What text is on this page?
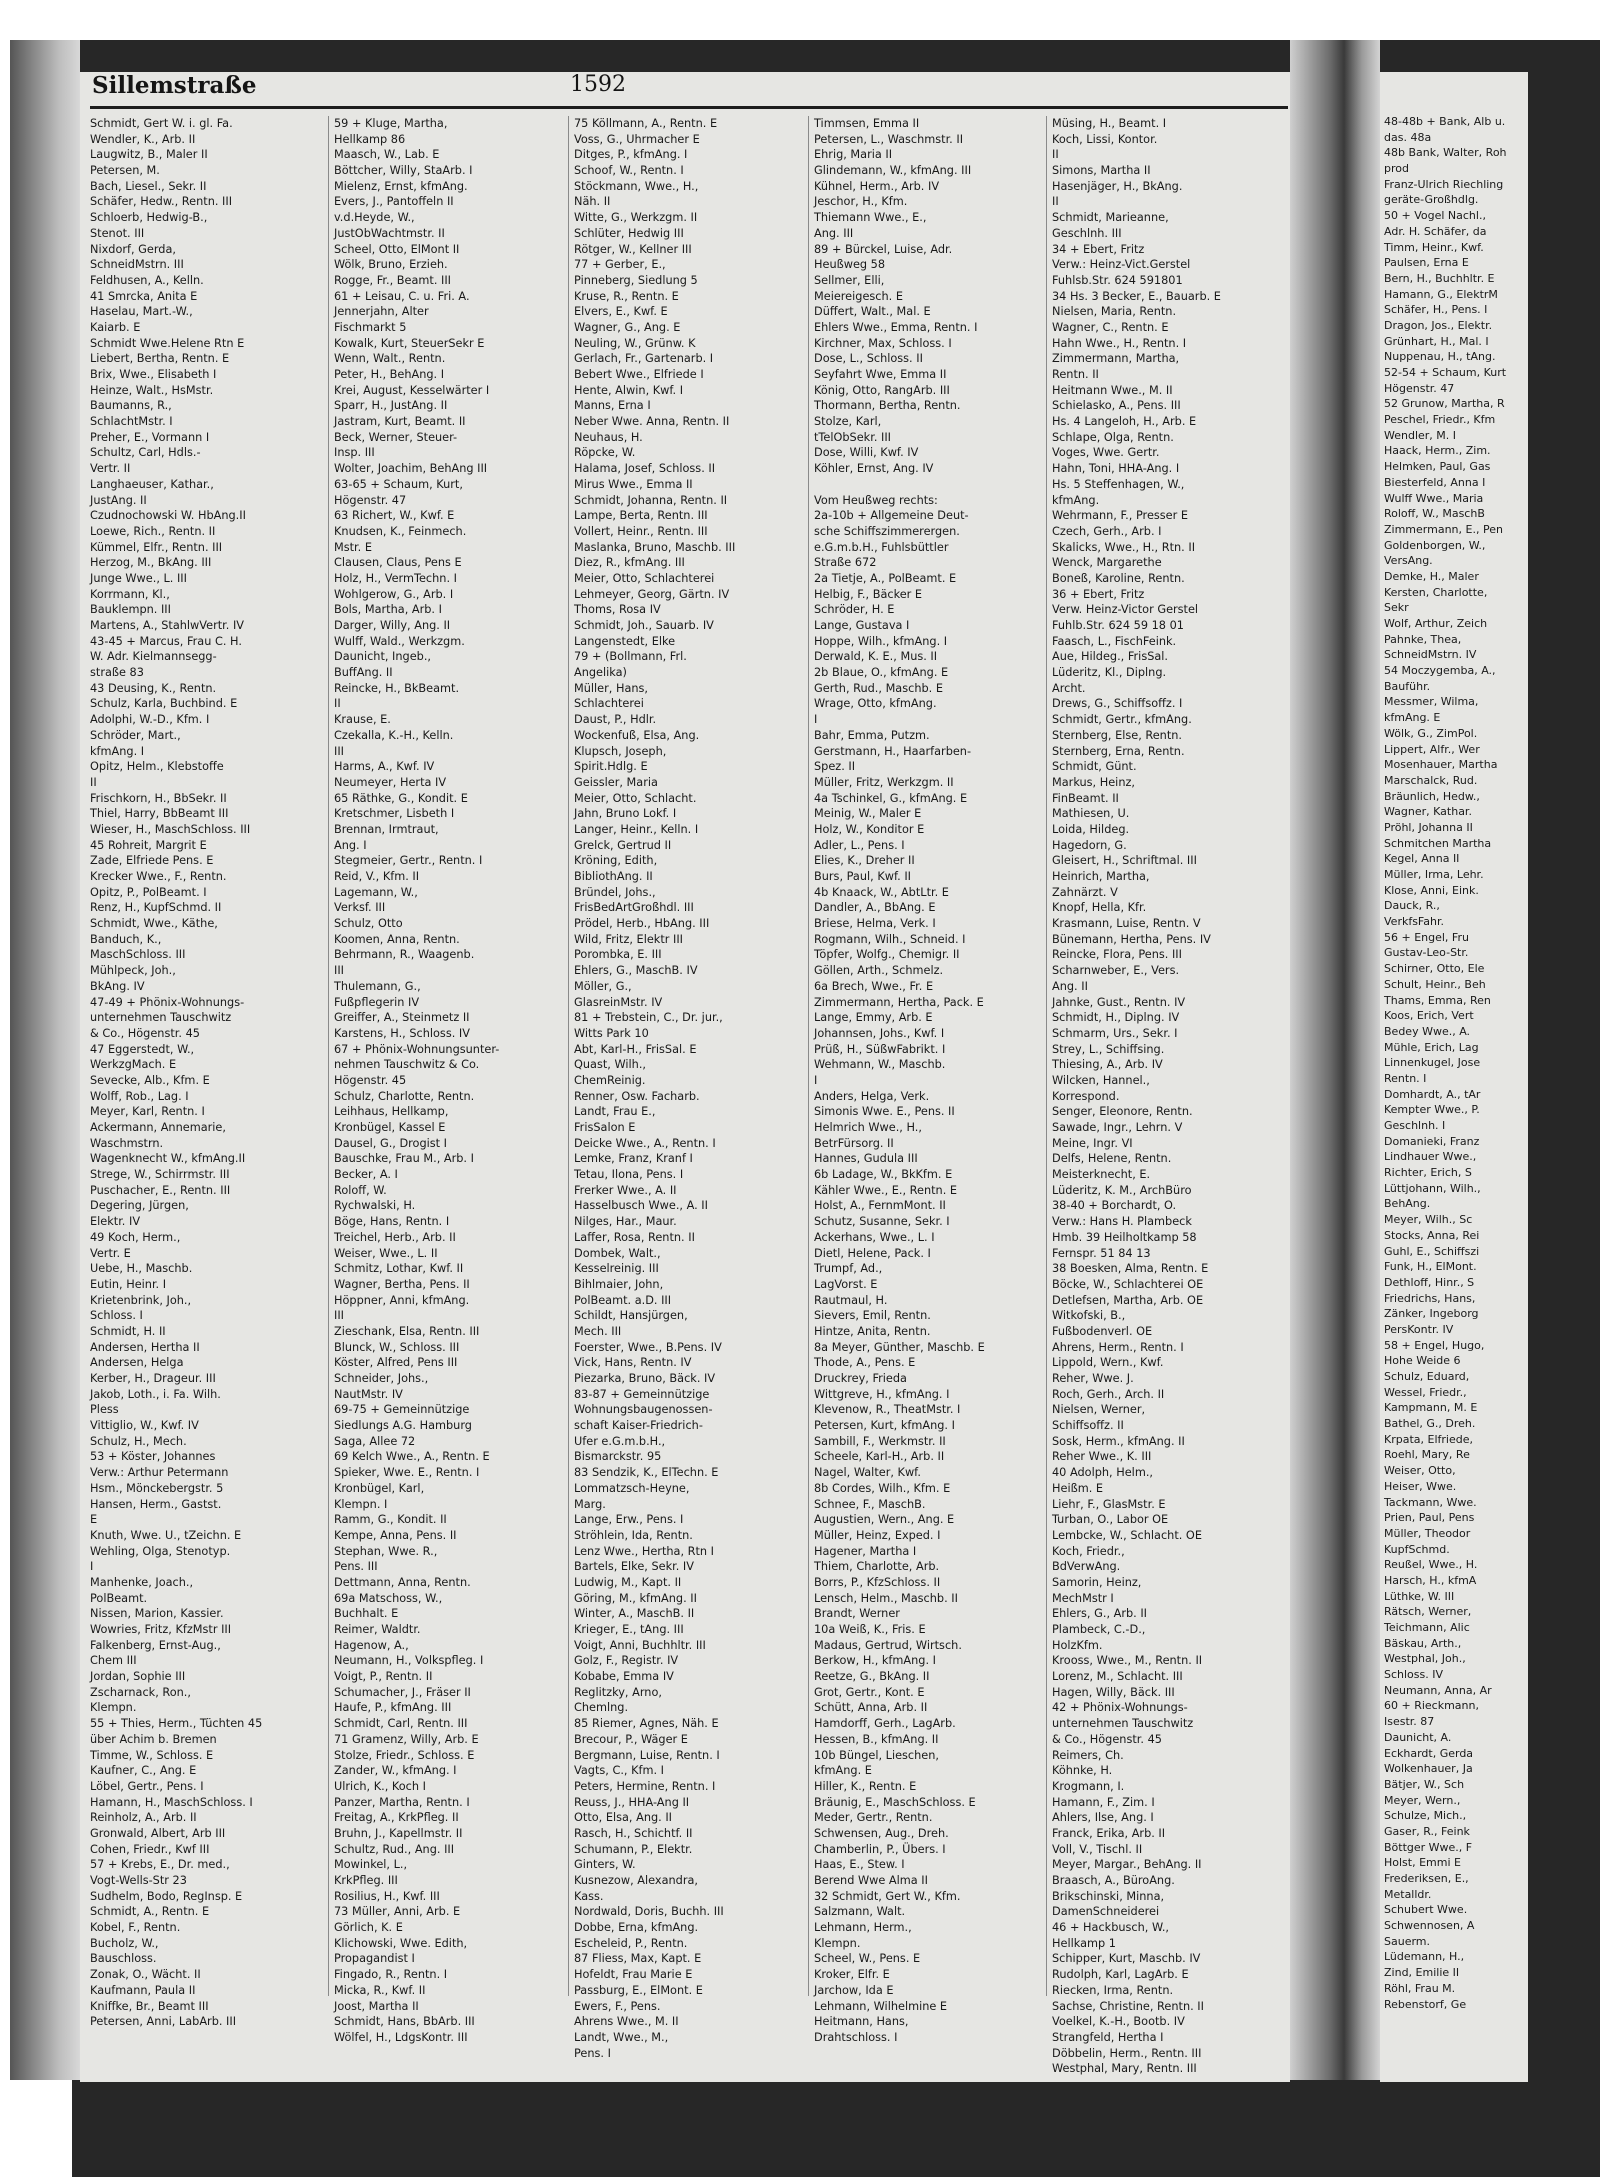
Sillemstraße	1592
Schmidt, Gert W. i. gl. Fa.
Wendler, K., Arb. II
Laugwitz, B., Maler II
Petersen, M.
Bach, Liesel., Sekr. II
Schäfer, Hedw., Rentn. III
Schloerb, Hedwig-B.,
Stenot. III
Nixdorf, Gerda,
SchneidMstrn. III
Feldhusen, A., Kelln.
41 Smrcka, Anita E
Haselau, Mart.-W.,
Kaiarb. E
Schmidt Wwe.Helene Rtn E
Liebert, Bertha, Rentn. E
Brix, Wwe., Elisabeth I
Heinze, Walt., HsMstr.
Baumanns, R.,
SchlachtMstr. I
Preher, E., Vormann I
Schultz, Carl, Hdls.-
Vertr. II
Langhaeuser, Kathar.,
JustAng. II
Czudnochowski W. HbAng.II
Loewe, Rich., Rentn. II
Kümmel, Elfr., Rentn. III
Herzog, M., BkAng. III
Junge Wwe., L. III
Korrmann, Kl.,
Bauklempn. III
Martens, A., StahlwVertr. IV
43-45 + Marcus, Frau C. H.
W. Adr. Kielmannsegg-
straße 83
43 Deusing, K., Rentn.
Schulz, Karla, Buchbind. E
Adolphi, W.-D., Kfm. I
Schröder, Mart.,
kfmAng. I
Opitz, Helm., Klebstoffe
II
Frischkorn, H., BbSekr. II
Thiel, Harry, BbBeamt III
Wieser, H., MaschSchloss. III
45 Rohreit, Margrit E
Zade, Elfriede Pens. E
Krecker Wwe., F., Rentn.
Opitz, P., PolBeamt. I
Renz, H., KupfSchmd. II
Schmidt, Wwe., Käthe,
Banduch, K.,
MaschSchloss. III
Mühlpeck, Joh.,
BkAng. IV
47-49 + Phönix-Wohnungs-
unternehmen Tauschwitz
& Co., Högenstr. 45
47 Eggerstedt, W.,
WerkzgMach. E
Sevecke, Alb., Kfm. E
Wolff, Rob., Lag. I
Meyer, Karl, Rentn. I
Ackermann, Annemarie,
Waschmstrn.
Wagenknecht W., kfmAng.II
Strege, W., Schirrmstr. III
Puschacher, E., Rentn. III
Degering, Jürgen,
Elektr. IV
49 Koch, Herm.,
Vertr. E
Uebe, H., Maschb.
Eutin, Heinr. I
Krietenbrink, Joh.,
Schloss. I
Schmidt, H. II
Andersen, Hertha II
Andersen, Helga
Kerber, H., Drageur. III
Jakob, Loth., i. Fa. Wilh.
Pless
Vittiglio, W., Kwf. IV
Schulz, H., Mech.
53 + Köster, Johannes
Verw.: Arthur Petermann
Hsm., Mönckebergstr. 5
Hansen, Herm., Gastst.
E
Knuth, Wwe. U., tZeichn. E
Wehling, Olga, Stenotyp.
I
Manhenke, Joach.,
PolBeamt.
Nissen, Marion, Kassier.
Wowries, Fritz, KfzMstr III
Falkenberg, Ernst-Aug.,
Chem III
Jordan, Sophie III
Zscharnack, Ron.,
Klempn.
55 + Thies, Herm., Tüchten 45
über Achim b. Bremen
Timme, W., Schloss. E
Kaufner, C., Ang. E
Löbel, Gertr., Pens. I
Hamann, H., MaschSchloss. I
Reinholz, A., Arb. II
Gronwald, Albert, Arb III
Cohen, Friedr., Kwf III
57 + Krebs, E., Dr. med.,
Vogt-Wells-Str 23
Sudhelm, Bodo, RegInsp. E
Schmidt, A., Rentn. E
Kobel, F., Rentn.
Bucholz, W.,
Bauschloss.
Zonak, O., Wächt. II
Kaufmann, Paula II
Kniffke, Br., Beamt III
Petersen, Anni, LabArb. III
59 + Kluge, Martha,
Hellkamp 86
Maasch, W., Lab. E
Böttcher, Willy, StaArb. I
Mielenz, Ernst, kfmAng.
Evers, J., Pantoffeln II
v.d.Heyde, W.,
JustObWachtmstr. II
Scheel, Otto, ElMont II
Wölk, Bruno, Erzieh.
Rogge, Fr., Beamt. III
61 + Leisau, C. u. Fri. A.
Jennerjahn, Alter
Fischmarkt 5
Kowalk, Kurt, SteuerSekr E
Wenn, Walt., Rentn.
Peter, H., BehAng. I
Krei, August, Kesselwärter I
Sparr, H., JustAng. II
Jastram, Kurt, Beamt. II
Beck, Werner, Steuer-
Insp. III
Wolter, Joachim, BehAng III
63-65 + Schaum, Kurt,
Högenstr. 47
63 Richert, W., Kwf. E
Knudsen, K., Feinmech.
Mstr. E
Clausen, Claus, Pens E
Holz, H., VermTechn. I
Wohlgerow, G., Arb. I
Bols, Martha, Arb. I
Darger, Willy, Ang. II
Wulff, Wald., Werkzgm.
Daunicht, Ingeb.,
BuffAng. II
Reincke, H., BkBeamt.
II
Krause, E.
Czekalla, K.-H., Kelln.
III
Harms, A., Kwf. IV
Neumeyer, Herta IV
65 Räthke, G., Kondit. E
Kretschmer, Lisbeth I
Brennan, Irmtraut,
Ang. I
Stegmeier, Gertr., Rentn. I
Reid, V., Kfm. II
Lagemann, W.,
Verksf. III
Schulz, Otto
Koomen, Anna, Rentn.
Behrmann, R., Waagenb.
III
Thulemann, G.,
Fußpflegerin IV
Greiffer, A., Steinmetz II
Karstens, H., Schloss. IV
67 + Phönix-Wohnungsunter-
nehmen Tauschwitz & Co.
Högenstr. 45
Schulz, Charlotte, Rentn.
Leihhaus, Hellkamp,
Kronbügel, Kassel E
Dausel, G., Drogist I
Bauschke, Frau M., Arb. I
Becker, A. I
Roloff, W.
Rychwalski, H.
Böge, Hans, Rentn. I
Treichel, Herb., Arb. II
Weiser, Wwe., L. II
Schmitz, Lothar, Kwf. II
Wagner, Bertha, Pens. II
Höppner, Anni, kfmAng.
III
Zieschank, Elsa, Rentn. III
Blunck, W., Schloss. III
Köster, Alfred, Pens III
Schneider, Johs.,
NautMstr. IV
69-75 + Gemeinnützige
Siedlungs A.G. Hamburg
Saga, Allee 72
69 Kelch Wwe., A., Rentn. E
Spieker, Wwe. E., Rentn. I
Kronbügel, Karl,
Klempn. I
Ramm, G., Kondit. II
Kempe, Anna, Pens. II
Stephan, Wwe. R.,
Pens. III
Dettmann, Anna, Rentn.
69a Matschoss, W.,
Buchhalt. E
Reimer, Waldtr.
Hagenow, A.,
Neumann, H., Volkspfleg. I
Voigt, P., Rentn. II
Schumacher, J., Fräser II
Haufe, P., kfmAng. III
Schmidt, Carl, Rentn. III
71 Gramenz, Willy, Arb. E
Stolze, Friedr., Schloss. E
Zander, W., kfmAng. I
Ulrich, K., Koch I
Panzer, Martha, Rentn. I
Freitag, A., KrkPfleg. II
Bruhn, J., Kapellmstr. II
Schultz, Rud., Ang. III
Mowinkel, L.,
KrkPfleg. III
Rosilius, H., Kwf. III
73 Müller, Anni, Arb. E
Görlich, K. E
Klichowski, Wwe. Edith,
Propagandist I
Fingado, R., Rentn. I
Micka, R., Kwf. II
Joost, Martha II
Schmidt, Hans, BbArb. III
Wölfel, H., LdgsKontr. III
75 Köllmann, A., Rentn. E
Voss, G., Uhrmacher E
Ditges, P., kfmAng. I
Schoof, W., Rentn. I
Stöckmann, Wwe., H.,
Näh. II
Witte, G., Werkzgm. II
Schlüter, Hedwig III
Rötger, W., Kellner III
77 + Gerber, E.,
Pinneberg, Siedlung 5
Kruse, R., Rentn. E
Elvers, E., Kwf. E
Wagner, G., Ang. E
Neuling, W., Grünw. K
Gerlach, Fr., Gartenarb. I
Bebert Wwe., Elfriede I
Hente, Alwin, Kwf. I
Manns, Erna I
Neber Wwe. Anna, Rentn. II
Neuhaus, H.
Röpcke, W.
Halama, Josef, Schloss. II
Mirus Wwe., Emma II
Schmidt, Johanna, Rentn. II
Lampe, Berta, Rentn. III
Vollert, Heinr., Rentn. III
Maslanka, Bruno, Maschb. III
Diez, R., kfmAng. III
Meier, Otto, Schlachterei
Lehmeyer, Georg, Gärtn. IV
Thoms, Rosa IV
Schmidt, Joh., Sauarb. IV
Langenstedt, Elke
79 + (Bollmann, Frl.
Angelika)
Müller, Hans,
Schlachterei
Daust, P., Hdlr.
Wockenfuß, Elsa, Ang.
Klupsch, Joseph,
Spirit.Hdlg. E
Geissler, Maria
Meier, Otto, Schlacht.
Jahn, Bruno Lokf. I
Langer, Heinr., Kelln. I
Grelck, Gertrud II
Kröning, Edith,
BibliothAng. II
Bründel, Johs.,
FrisBedArtGroßhdl. III
Prödel, Herb., HbAng. III
Wild, Fritz, Elektr III
Porombka, E. III
Ehlers, G., MaschB. IV
Möller, G.,
GlasreinMstr. IV
81 + Trebstein, C., Dr. jur.,
Witts Park 10
Abt, Karl-H., FrisSal. E
Quast, Wilh.,
ChemReinig.
Renner, Osw. Facharb.
Landt, Frau E.,
FrisSalon E
Deicke Wwe., A., Rentn. I
Lemke, Franz, Kranf I
Tetau, Ilona, Pens. I
Frerker Wwe., A. II
Hasselbusch Wwe., A. II
Nilges, Har., Maur.
Laffer, Rosa, Rentn. II
Dombek, Walt.,
Kesselreinig. III
Bihlmaier, John,
PolBeamt. a.D. III
Schildt, Hansjürgen,
Mech. III
Foerster, Wwe., B.Pens. IV
Vick, Hans, Rentn. IV
Piezarka, Bruno, Bäck. IV
83-87 + Gemeinnützige
Wohnungsbaugenossen-
schaft Kaiser-Friedrich-
Ufer e.G.m.b.H.,
Bismarckstr. 95
83 Sendzik, K., ElTechn. E
Lommatzsch-Heyne,
Marg.
Lange, Erw., Pens. I
Ströhlein, Ida, Rentn.
Lenz Wwe., Hertha, Rtn I
Bartels, Elke, Sekr. IV
Ludwig, M., Kapt. II
Göring, M., kfmAng. II
Winter, A., MaschB. II
Krieger, E., tAng. III
Voigt, Anni, Buchhltr. III
Golz, F., Registr. IV
Kobabe, Emma IV
Reglitzky, Arno,
Chemlng.
85 Riemer, Agnes, Näh. E
Brecour, P., Wäger E
Bergmann, Luise, Rentn. I
Vagts, C., Kfm. I
Peters, Hermine, Rentn. I
Reuss, J., HHA-Ang II
Otto, Elsa, Ang. II
Rasch, H., Schichtf. II
Schumann, P., Elektr.
Ginters, W.
Kusnezow, Alexandra,
Kass.
Nordwald, Doris, Buchh. III
Dobbe, Erna, kfmAng.
Escheleid, P., Rentn.
87 Fliess, Max, Kapt. E
Hofeldt, Frau Marie E
Passburg, E., ElMont. E
Ewers, F., Pens.
Ahrens Wwe., M. II
Landt, Wwe., M.,
Pens. I
Timmsen, Emma II
Petersen, L., Waschmstr. II
Ehrig, Maria II
Glindemann, W., kfmAng. III
Kühnel, Herm., Arb. IV
Jeschor, H., Kfm.
Thiemann Wwe., E.,
Ang. III
89 + Bürckel, Luise, Adr.
Heußweg 58
Sellmer, Elli,
Meiereigesch. E
Düffert, Walt., Mal. E
Ehlers Wwe., Emma, Rentn. I
Kirchner, Max, Schloss. I
Dose, L., Schloss. II
Seyfahrt Wwe, Emma II
König, Otto, RangArb. III
Thormann, Bertha, Rentn.
Stolze, Karl,
tTelObSekr. III
Dose, Willi, Kwf. IV
Köhler, Ernst, Ang. IV
Vom Heußweg rechts:
2a-10b + Allgemeine Deut-
sche Schiffszimmerergen.
e.G.m.b.H., Fuhlsbüttler
Straße 672
2a Tietje, A., PolBeamt. E
Helbig, F., Bäcker E
Schröder, H. E
Lange, Gustava I
Hoppe, Wilh., kfmAng. I
Derwald, K. E., Mus. II
2b Blaue, O., kfmAng. E
Gerth, Rud., Maschb. E
Wrage, Otto, kfmAng.
I
Bahr, Emma, Putzm.
Gerstmann, H., Haarfarben-
Spez. II
Müller, Fritz, Werkzgm. II
4a Tschinkel, G., kfmAng. E
Meinig, W., Maler E
Holz, W., Konditor E
Adler, L., Pens. I
Elies, K., Dreher II
Burs, Paul, Kwf. II
4b Knaack, W., AbtLtr. E
Dandler, A., BbAng. E
Briese, Helma, Verk. I
Rogmann, Wilh., Schneid. I
Töpfer, Wolfg., Chemigr. II
Göllen, Arth., Schmelz.
6a Brech, Wwe., Fr. E
Zimmermann, Hertha, Pack. E
Lange, Emmy, Arb. E
Johannsen, Johs., Kwf. I
Prüß, H., SüßwFabrikt. I
Wehmann, W., Maschb.
I
Anders, Helga, Verk.
Simonis Wwe. E., Pens. II
Helmrich Wwe., H.,
BetrFürsorg. II
Hannes, Gudula III
6b Ladage, W., BkKfm. E
Kähler Wwe., E., Rentn. E
Holst, A., FernmMont. II
Schutz, Susanne, Sekr. I
Ackerhans, Wwe., L. I
Dietl, Helene, Pack. I
Trumpf, Ad.,
LagVorst. E
Rautmaul, H.
Sievers, Emil, Rentn.
Hintze, Anita, Rentn.
8a Meyer, Günther, Maschb. E
Thode, A., Pens. E
Druckrey, Frieda
Wittgreve, H., kfmAng. I
Klevenow, R., TheatMstr. I
Petersen, Kurt, kfmAng. I
Sambill, F., Werkmstr. II
Scheele, Karl-H., Arb. II
Nagel, Walter, Kwf.
8b Cordes, Wilh., Kfm. E
Schnee, F., MaschB.
Augustien, Wern., Ang. E
Müller, Heinz, Exped. I
Hagener, Martha I
Thiem, Charlotte, Arb.
Borrs, P., KfzSchloss. II
Lensch, Helm., Maschb. II
Brandt, Werner
10a Weiß, K., Fris. E
Madaus, Gertrud, Wirtsch.
Berkow, H., kfmAng. I
Reetze, G., BkAng. II
Grot, Gertr., Kont. E
Schütt, Anna, Arb. II
Hamdorff, Gerh., LagArb.
Hessen, B., kfmAng. II
10b Büngel, Lieschen,
kfmAng. E
Hiller, K., Rentn. E
Bräunig, E., MaschSchloss. E
Meder, Gertr., Rentn.
Schwensen, Aug., Dreh.
Chamberlin, P., Übers. I
Haas, E., Stew. I
Berend Wwe Alma II
32 Schmidt, Gert W., Kfm.
Salzmann, Walt.
Lehmann, Herm.,
Klempn.
Scheel, W., Pens. E
Kroker, Elfr. E
Jarchow, Ida E
Lehmann, Wilhelmine E
Heitmann, Hans,
Drahtschloss. I
Müsing, H., Beamt. I
Koch, Lissi, Kontor.
II
Simons, Martha II
Hasenjäger, H., BkAng.
II
Schmidt, Marieanne,
Geschlnh. III
34 + Ebert, Fritz
Verw.: Heinz-Vict.Gerstel
Fuhlsb.Str. 624 591801
34 Hs. 3 Becker, E., Bauarb. E
Nielsen, Maria, Rentn.
Wagner, C., Rentn. E
Hahn Wwe., H., Rentn. I
Zimmermann, Martha,
Rentn. II
Heitmann Wwe., M. II
Schielasko, A., Pens. III
Hs. 4 Langeloh, H., Arb. E
Schlape, Olga, Rentn.
Voges, Wwe. Gertr.
Hahn, Toni, HHA-Ang. I
Hs. 5 Steffenhagen, W.,
kfmAng.
Wehrmann, F., Presser E
Czech, Gerh., Arb. I
Skalicks, Wwe., H., Rtn. II
Wenck, Margarethe
Boneß, Karoline, Rentn.
36 + Ebert, Fritz
Verw. Heinz-Victor Gerstel
Fuhlb.Str. 624 59 18 01
Faasch, L., FischFeink.
Aue, Hildeg., FrisSal.
Lüderitz, Kl., Diplng.
Archt.
Drews, G., Schiffsoffz. I
Schmidt, Gertr., kfmAng.
Sternberg, Else, Rentn.
Sternberg, Erna, Rentn.
Schmidt, Günt.
Markus, Heinz,
FinBeamt. II
Mathiesen, U.
Loida, Hildeg.
Hagedorn, G.
Gleisert, H., Schriftmal. III
Heinrich, Martha,
Zahnärzt. V
Knopf, Hella, Kfr.
Krasmann, Luise, Rentn. V
Bünemann, Hertha, Pens. IV
Reincke, Flora, Pens. III
Scharnweber, E., Vers.
Ang. II
Jahnke, Gust., Rentn. IV
Schmidt, H., Diplng. IV
Schmarm, Urs., Sekr. I
Strey, L., Schiffsing.
Thiesing, A., Arb. IV
Wilcken, Hannel.,
Korrespond.
Senger, Eleonore, Rentn.
Sawade, Ingr., Lehrn. V
Meine, Ingr. VI
Delfs, Helene, Rentn.
Meisterknecht, E.
Lüderitz, K. M., ArchBüro
38-40 + Borchardt, O.
Verw.: Hans H. Plambeck
Hmb. 39 Heilholtkamp 58
Fernspr. 51 84 13
38 Boesken, Alma, Rentn. E
Böcke, W., Schlachterei OE
Detlefsen, Martha, Arb. OE
Witkofski, B.,
Fußbodenverl. OE
Ahrens, Herm., Rentn. I
Lippold, Wern., Kwf.
Reher, Wwe. J.
Roch, Gerh., Arch. II
Nielsen, Werner,
Schiffsoffz. II
Sosk, Herm., kfmAng. II
Reher Wwe., K. III
40 Adolph, Helm.,
Heißm. E
Liehr, F., GlasMstr. E
Turban, O., Labor OE
Lembcke, W., Schlacht. OE
Koch, Friedr.,
BdVerwAng.
Samorin, Heinz,
MechMstr I
Ehlers, G., Arb. II
Plambeck, C.-D.,
HolzKfm.
Krooss, Wwe., M., Rentn. II
Lorenz, M., Schlacht. III
Hagen, Willy, Bäck. III
42 + Phönix-Wohnungs-
unternehmen Tauschwitz
& Co., Högenstr. 45
Reimers, Ch.
Köhnke, H.
Krogmann, I.
Hamann, F., Zim. I
Ahlers, Ilse, Ang. I
Franck, Erika, Arb. II
Voll, V., Tischl. II
Meyer, Margar., BehAng. II
Braasch, A., BüroAng.
Brikschinski, Minna,
DamenSchneiderei
46 + Hackbusch, W.,
Hellkamp 1
Schipper, Kurt, Maschb. IV
Rudolph, Karl, LagArb. E
Riecken, Irma, Rentn.
Sachse, Christine, Rentn. II
Voelkel, K.-H., Bootb. IV
Strangfeld, Hertha I
Döbbelin, Herm., Rentn. III
Westphal, Mary, Rentn. III
48-48b + Bank, Alb u.
das. 48a
48b Bank, Walter, Roh
prod
Franz-Ulrich Riechling
geräte-Großhdlg.
50 + Vogel Nachl.,
Adr. H. Schäfer, da
Timm, Heinr., Kwf.
Paulsen, Erna E
Bern, H., Buchhltr. E
Hamann, G., ElektrM
Schäfer, H., Pens. I
Dragon, Jos., Elektr.
Grünhart, H., Mal. I
Nuppenau, H., tAng.
52-54 + Schaum, Kurt
Högenstr. 47
52 Grunow, Martha, R
Peschel, Friedr., Kfm
Wendler, M. I
Haack, Herm., Zim.
Helmken, Paul, Gas
Biesterfeld, Anna I
Wulff Wwe., Maria
Roloff, W., MaschB
Zimmermann, E., Pen
Goldenborgen, W.,
VersAng.
Demke, H., Maler
Kersten, Charlotte,
Sekr
Wolf, Arthur, Zeich
Pahnke, Thea,
SchneidMstrn. IV
54 Moczygemba, A.,
Bauführ.
Messmer, Wilma,
kfmAng. E
Wölk, G., ZimPol.
Lippert, Alfr., Wer
Mosenhauer, Martha
Marschalck, Rud.
Bräunlich, Hedw.,
Wagner, Kathar.
Pröhl, Johanna II
Schmitchen Martha
Kegel, Anna II
Müller, Irma, Lehr.
Klose, Anni, Eink.
Dauck, R.,
VerkfsFahr.
56 + Engel, Fru
Gustav-Leo-Str.
Schirner, Otto, Ele
Schult, Heinr., Beh
Thams, Emma, Ren
Koos, Erich, Vert
Bedey Wwe., A.
Mühle, Erich, Lag
Linnenkugel, Jose
Rentn. I
Domhardt, A., tAr
Kempter Wwe., P.
Geschlnh. I
Domanieki, Franz
Lindhauer Wwe.,
Richter, Erich, S
Lüttjohann, Wilh.,
BehAng.
Meyer, Wilh., Sc
Stocks, Anna, Rei
Guhl, E., Schiffszi
Funk, H., ElMont.
Dethloff, Hinr., S
Friedrichs, Hans,
Zänker, Ingeborg
PersKontr. IV
58 + Engel, Hugo,
Hohe Weide 6
Schulz, Eduard,
Wessel, Friedr.,
Kampmann, M. E
Bathel, G., Dreh.
Krpata, Elfriede,
Roehl, Mary, Re
Weiser, Otto,
Heiser, Wwe.
Tackmann, Wwe.
Prien, Paul, Pens
Müller, Theodor
KupfSchmd.
Reußel, Wwe., H.
Harsch, H., kfmA
Lüthke, W. III
Rätsch, Werner,
Teichmann, Alic
Bäskau, Arth.,
Westphal, Joh.,
Schloss. IV
Neumann, Anna, Ar
60 + Rieckmann,
Isestr. 87
Daunicht, A.
Eckhardt, Gerda
Wolkenhauer, Ja
Bätjer, W., Sch
Meyer, Wern.,
Schulze, Mich.,
Gaser, R., Feink
Böttger Wwe., F
Holst, Emmi E
Frederiksen, E.,
Metalldr.
Schubert Wwe.
Schwennosen, A
Sauerm.
Lüdemann, H.,
Zind, Emilie II
Röhl, Frau M.
Rebenstorf, Ge
